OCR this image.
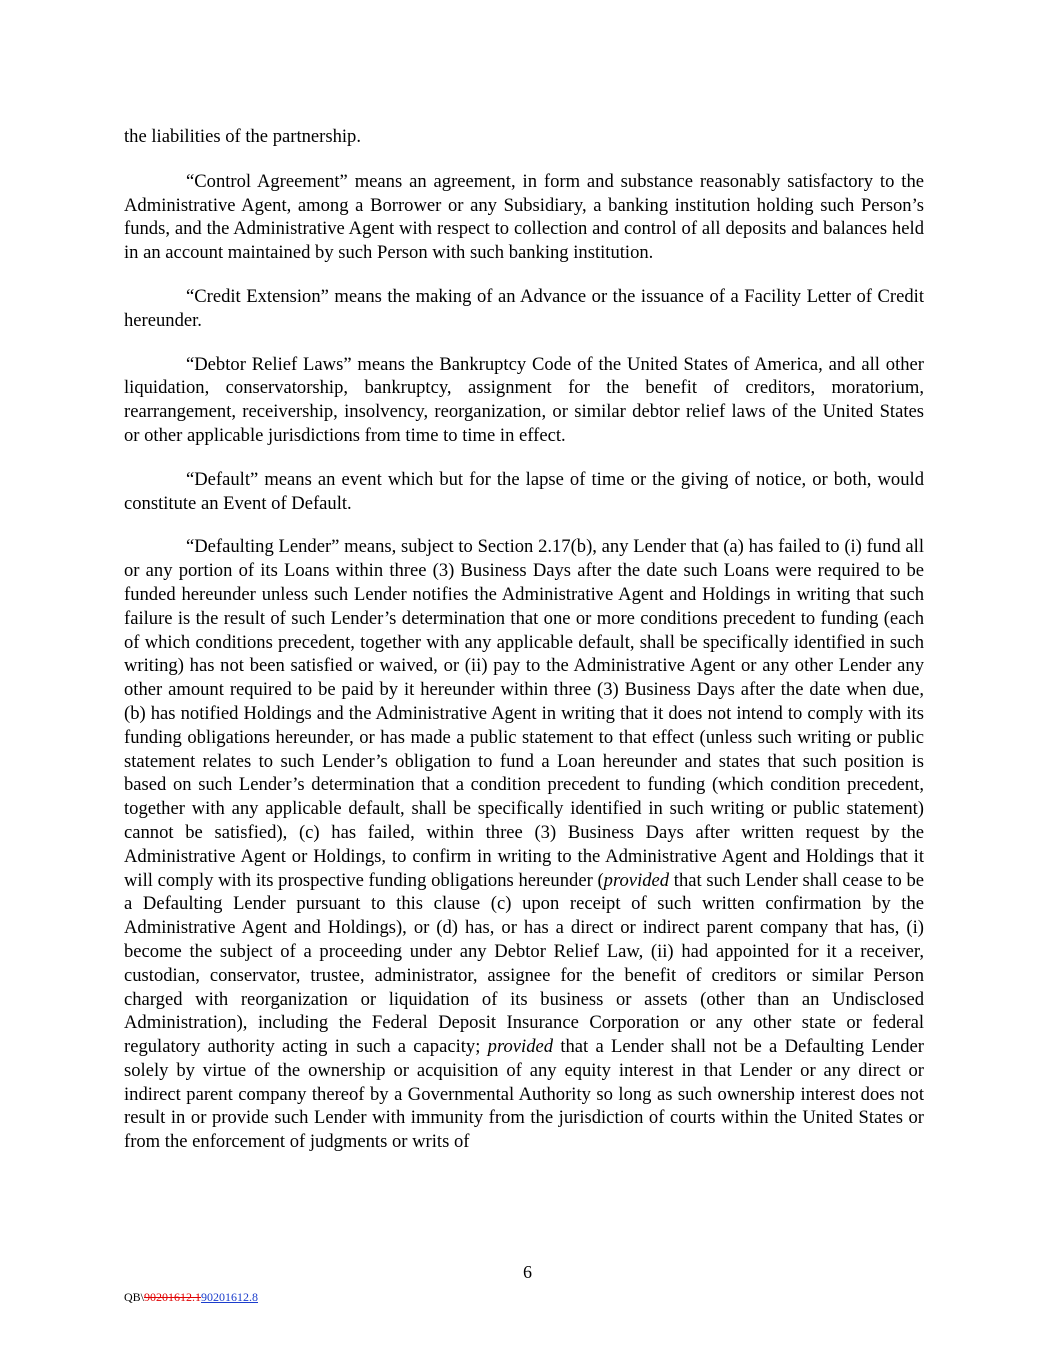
the liabilities of the partnership.

“Control Agreement” means an agreement, in form and substance reasonably satisfactory to the Administrative Agent, among a Borrower or any Subsidiary, a banking institution holding such Person’s funds, and the Administrative Agent with respect to collection and control of all deposits and balances held in an account maintained by such Person with such banking institution.

“Credit Extension” means the making of an Advance or the issuance of a Facility Letter of Credit hereunder.

“Debtor Relief Laws” means the Bankruptcy Code of the United States of America, and all other liquidation, conservatorship, bankruptcy, assignment for the benefit of creditors, moratorium, rearrangement, receivership, insolvency, reorganization, or similar debtor relief laws of the United States or other applicable jurisdictions from time to time in effect.

“Default” means an event which but for the lapse of time or the giving of notice, or both, would constitute an Event of Default.

“Defaulting Lender” means, subject to Section 2.17(b), any Lender that (a) has failed to (i) fund all or any portion of its Loans within three (3) Business Days after the date such Loans were required to be funded hereunder unless such Lender notifies the Administrative Agent and Holdings in writing that such failure is the result of such Lender’s determination that one or more conditions precedent to funding (each of which conditions precedent, together with any applicable default, shall be specifically identified in such writing) has not been satisfied or waived, or (ii) pay to the Administrative Agent or any other Lender any other amount required to be paid by it hereunder within three (3) Business Days after the date when due, (b) has notified Holdings and the Administrative Agent in writing that it does not intend to comply with its funding obligations hereunder, or has made a public statement to that effect (unless such writing or public statement relates to such Lender’s obligation to fund a Loan hereunder and states that such position is based on such Lender’s determination that a condition precedent to funding (which condition precedent, together with any applicable default, shall be specifically identified in such writing or public statement) cannot be satisfied), (c) has failed, within three (3) Business Days after written request by the Administrative Agent or Holdings, to confirm in writing to the Administrative Agent and Holdings that it will comply with its prospective funding obligations hereunder (provided that such Lender shall cease to be a Defaulting Lender pursuant to this clause (c) upon receipt of such written confirmation by the Administrative Agent and Holdings), or (d) has, or has a direct or indirect parent company that has, (i) become the subject of a proceeding under any Debtor Relief Law, (ii) had appointed for it a receiver, custodian, conservator, trustee, administrator, assignee for the benefit of creditors or similar Person charged with reorganization or liquidation of its business or assets (other than an Undisclosed Administration), including the Federal Deposit Insurance Corporation or any other state or federal regulatory authority acting in such a capacity; provided that a Lender shall not be a Defaulting Lender solely by virtue of the ownership or acquisition of any equity interest in that Lender or any direct or indirect parent company thereof by a Governmental Authority so long as such ownership interest does not result in or provide such Lender with immunity from the jurisdiction of courts within the United States or from the enforcement of judgments or writs of

6
QB\90201612.190201612.8
